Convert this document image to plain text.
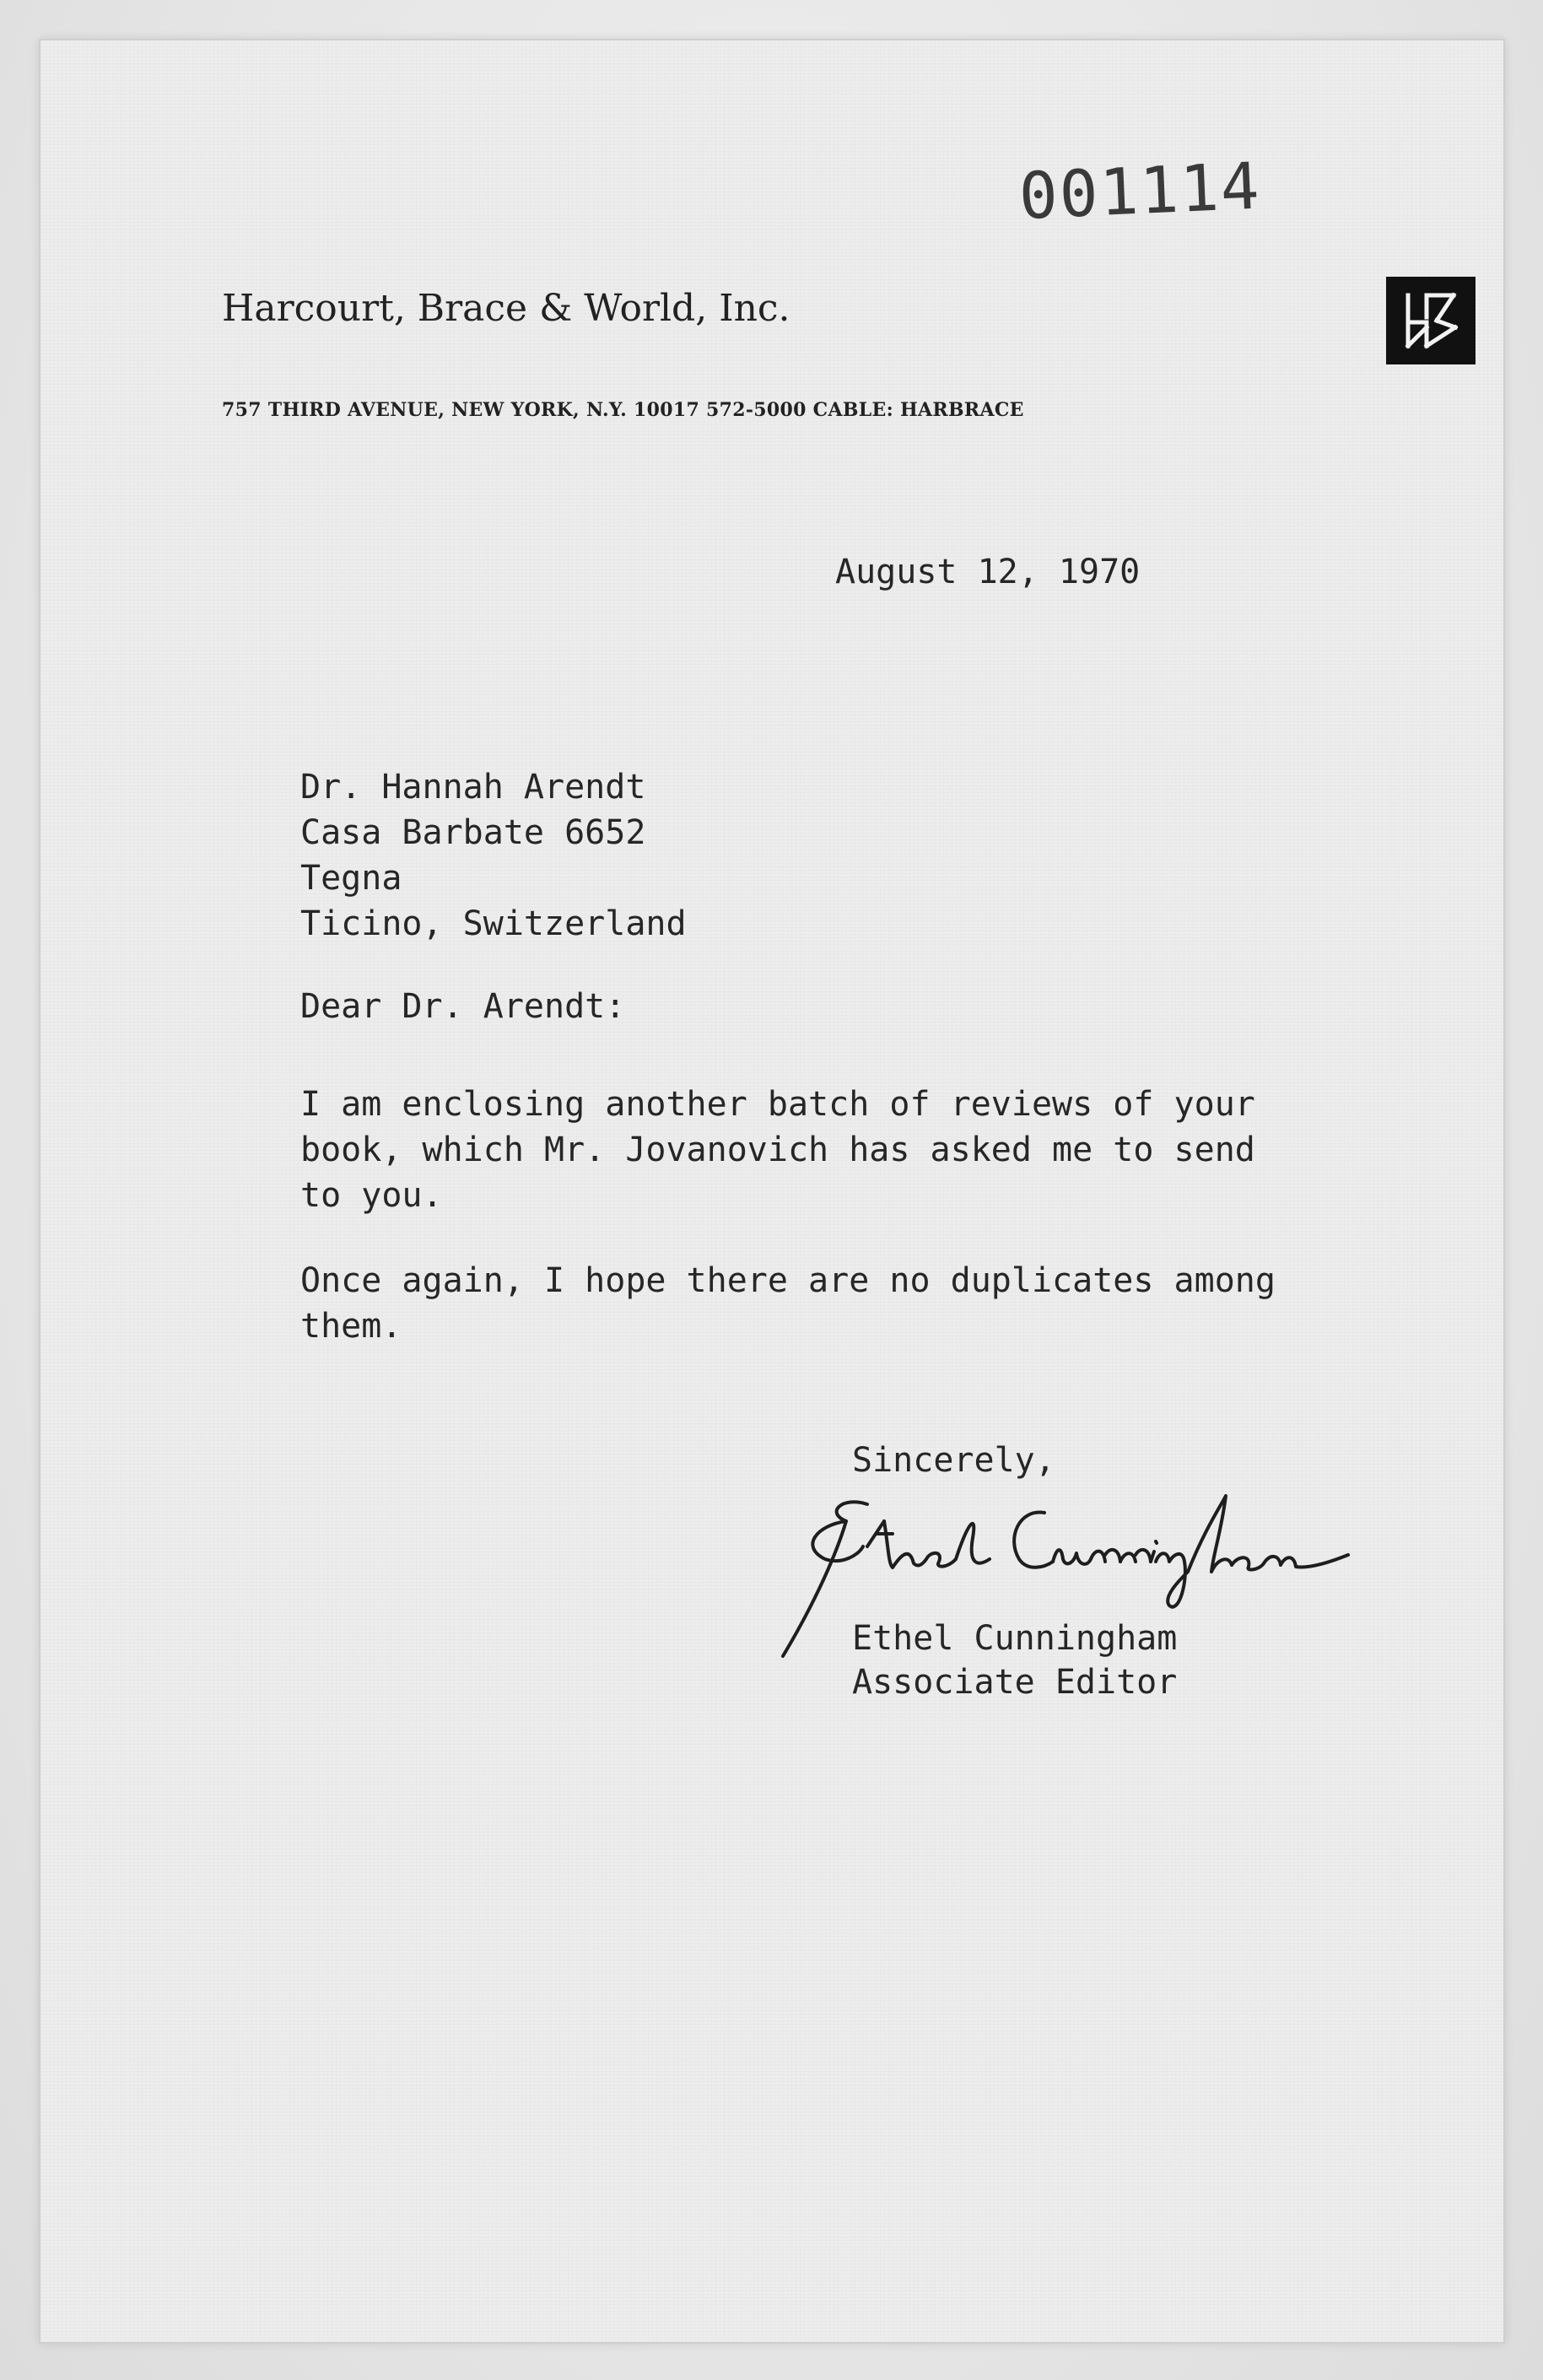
001114
Harcourt, Brace & World, Inc.
757 THIRD AVENUE, NEW YORK, N.Y. 10017 572-5000 CABLE: HARBRACE
August 12, 1970
Dr. Hannah Arendt
Casa Barbate 6652
Tegna
Ticino, Switzerland
Dear Dr. Arendt:
I am enclosing another batch of reviews of your
book, which Mr. Jovanovich has asked me to send
to you.
Once again, I hope there are no duplicates among
them.
Sincerely,
Ethel Cunningham
Associate Editor
